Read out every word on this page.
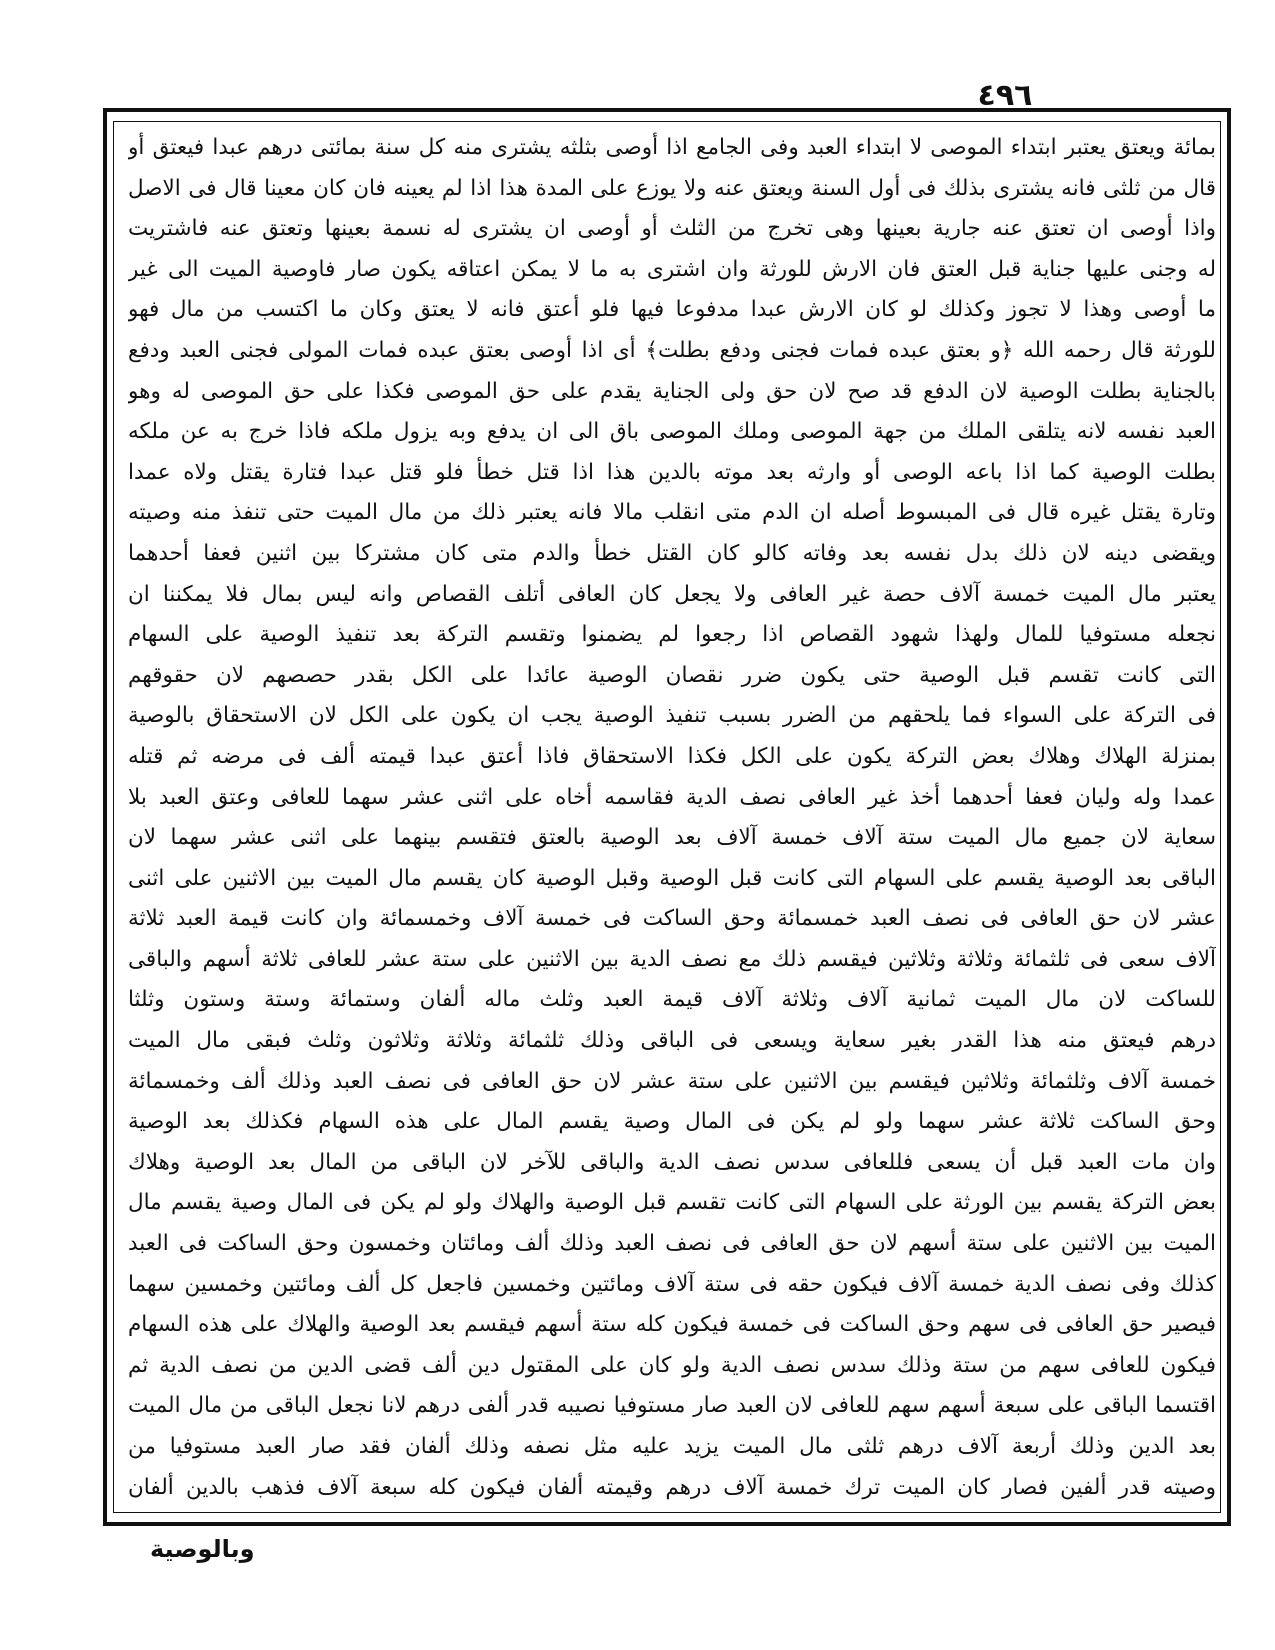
٤٩٦
بمائة ويعتق يعتبر ابتداء الموصى لا ابتداء العبد وفى الجامع اذا أوصى بثلثه يشترى منه كل سنة بمائتى درهم عبدا فيعتق أو
قال من ثلثى فانه يشترى بذلك فى أول السنة ويعتق عنه ولا يوزع على المدة هذا اذا لم يعينه فان كان معينا قال فى الاصل
واذا أوصى ان تعتق عنه جارية بعينها وهى تخرج من الثلث أو أوصى ان يشترى له نسمة بعينها وتعتق عنه فاشتريت
له وجنى عليها جناية قبل العتق فان الارش للورثة وان اشترى به ما لا يمكن اعتاقه يكون صار فاوصية الميت الى غير
ما أوصى وهذا لا تجوز وكذلك لو كان الارش عبدا مدفوعا فيها فلو أعتق فانه لا يعتق وكان ما اكتسب من مال فهو
للورثة قال رحمه الله ﴿و بعتق عبده فمات فجنى ودفع بطلت﴾ أى اذا أوصى بعتق عبده فمات المولى فجنى العبد ودفع
بالجناية بطلت الوصية لان الدفع قد صح لان حق ولى الجناية يقدم على حق الموصى فكذا على حق الموصى له وهو
العبد نفسه لانه يتلقى الملك من جهة الموصى وملك الموصى باق الى ان يدفع وبه يزول ملكه فاذا خرج به عن ملكه
بطلت الوصية كما اذا باعه الوصى أو وارثه بعد موته بالدين هذا اذا قتل خطأ فلو قتل عبدا فتارة يقتل ولاه عمدا
وتارة يقتل غيره قال فى المبسوط أصله ان الدم متى انقلب مالا فانه يعتبر ذلك من مال الميت حتى تنفذ منه وصيته
ويقضى دينه لان ذلك بدل نفسه بعد وفاته كالو كان القتل خطأ والدم متى كان مشتركا بين اثنين فعفا أحدهما
يعتبر مال الميت خمسة آلاف حصة غير العافى ولا يجعل كان العافى أتلف القصاص وانه ليس بمال فلا يمكننا ان
نجعله مستوفيا للمال ولهذا شهود القصاص اذا رجعوا لم يضمنوا وتقسم التركة بعد تنفيذ الوصية على السهام
التى كانت تقسم قبل الوصية حتى يكون ضرر نقصان الوصية عائدا على الكل بقدر حصصهم لان حقوقهم
فى التركة على السواء فما يلحقهم من الضرر بسبب تنفيذ الوصية يجب ان يكون على الكل لان الاستحقاق بالوصية
بمنزلة الهلاك وهلاك بعض التركة يكون على الكل فكذا الاستحقاق فاذا أعتق عبدا قيمته ألف فى مرضه ثم قتله
عمدا وله وليان فعفا أحدهما أخذ غير العافى نصف الدية فقاسمه أخاه على اثنى عشر سهما للعافى وعتق العبد بلا
سعاية لان جميع مال الميت ستة آلاف خمسة آلاف بعد الوصية بالعتق فتقسم بينهما على اثنى عشر سهما لان
الباقى بعد الوصية يقسم على السهام التى كانت قبل الوصية وقبل الوصية كان يقسم مال الميت بين الاثنين على اثنى
عشر لان حق العافى فى نصف العبد خمسمائة وحق الساكت فى خمسة آلاف وخمسمائة وان كانت قيمة العبد ثلاثة
آلاف سعى فى ثلثمائة وثلاثة وثلاثين فيقسم ذلك مع نصف الدية بين الاثنين على ستة عشر للعافى ثلاثة أسهم والباقى
للساكت لان مال الميت ثمانية آلاف وثلاثة آلاف قيمة العبد وثلث ماله ألفان وستمائة وستة وستون وثلثا
درهم فيعتق منه هذا القدر بغير سعاية ويسعى فى الباقى وذلك ثلثمائة وثلاثة وثلاثون وثلث فبقى مال الميت
خمسة آلاف وثلثمائة وثلاثين فيقسم بين الاثنين على ستة عشر لان حق العافى فى نصف العبد وذلك ألف وخمسمائة
وحق الساكت ثلاثة عشر سهما ولو لم يكن فى المال وصية يقسم المال على هذه السهام فكذلك بعد الوصية
وان مات العبد قبل أن يسعى فللعافى سدس نصف الدية والباقى للآخر لان الباقى من المال بعد الوصية وهلاك
بعض التركة يقسم بين الورثة على السهام التى كانت تقسم قبل الوصية والهلاك ولو لم يكن فى المال وصية يقسم مال
الميت بين الاثنين على ستة أسهم لان حق العافى فى نصف العبد وذلك ألف ومائتان وخمسون وحق الساكت فى العبد
كذلك وفى نصف الدية خمسة آلاف فيكون حقه فى ستة آلاف ومائتين وخمسين فاجعل كل ألف ومائتين وخمسين سهما
فيصير حق العافى فى سهم وحق الساكت فى خمسة فيكون كله ستة أسهم فيقسم بعد الوصية والهلاك على هذه السهام
فيكون للعافى سهم من ستة وذلك سدس نصف الدية ولو كان على المقتول دين ألف قضى الدين من نصف الدية ثم
اقتسما الباقى على سبعة أسهم سهم للعافى لان العبد صار مستوفيا نصيبه قدر ألفى درهم لانا نجعل الباقى من مال الميت
بعد الدين وذلك أربعة آلاف درهم ثلثى مال الميت يزيد عليه مثل نصفه وذلك ألفان فقد صار العبد مستوفيا من
وصيته قدر ألفين فصار كان الميت ترك خمسة آلاف درهم وقيمته ألفان فيكون كله سبعة آلاف فذهب بالدين ألفان
وبالوصية
